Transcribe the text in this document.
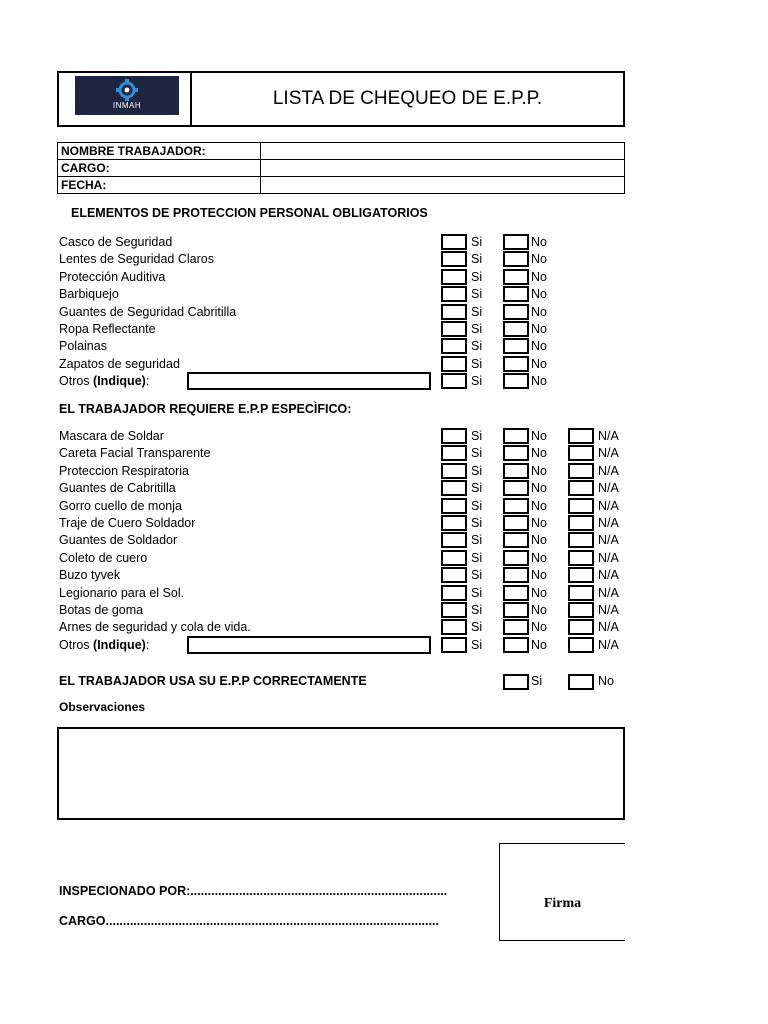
INMAH	LISTA DE CHEQUEO DE E.P.P.
NOMBRE TRABAJADOR:	
CARGO:	
FECHA:	
ELEMENTOS DE PROTECCION PERSONAL OBLIGATORIOS
Casco de Seguridad	Si	No
Lentes de Seguridad Claros	Si	No
Protección Auditiva	Si	No
Barbiquejo	Si	No
Guantes de Seguridad Cabritilla	Si	No
Ropa Reflectante	Si	No
Polainas	Si	No
Zapatos de seguridad	Si	No
Otros (Indique):	Si	No
EL TRABAJADOR REQUIERE E.P.P ESPECÌFICO:
Mascara de Soldar	Si	No	N/A
Careta Facial Transparente	Si	No	N/A
Proteccion Respiratoria	Si	No	N/A
Guantes de Cabritilla	Si	No	N/A
Gorro cuello de monja	Si	No	N/A
Traje de Cuero Soldador	Si	No	N/A
Guantes de Soldador	Si	No	N/A
Coleto de cuero	Si	No	N/A
Buzo tyvek	Si	No	N/A
Legionario para el Sol.	Si	No	N/A
Botas de goma	Si	No	N/A
Arnes de seguridad y cola de vida.	Si	No	N/A
Otros (Indique):	Si	No	N/A
EL TRABAJADOR USA SU E.P.P CORRECTAMENTE	Si	No
Observaciones
INSPECIONADO POR:..........................................................................
CARGO................................................................................................
Firma
